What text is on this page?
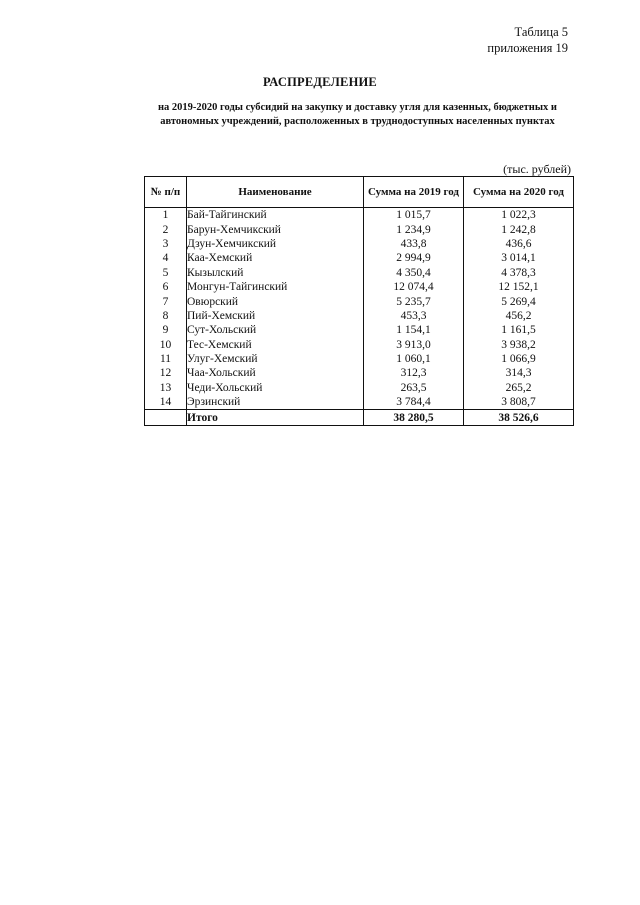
Таблица 5
приложения 19
РАСПРЕДЕЛЕНИЕ
на 2019-2020 годы субсидий на закупку и доставку угля для казенных, бюджетных и автономных учреждений, расположенных в труднодоступных населенных пунктах
(тыс. рублей)
№ п/п	Наименование	Сумма на 2019 год	Сумма на 2020 год
1	Бай-Тайгинский	1 015,7	1 022,3
2	Барун-Хемчикский	1 234,9	1 242,8
3	Дзун-Хемчикский	433,8	436,6
4	Каа-Хемский	2 994,9	3 014,1
5	Кызылский	4 350,4	4 378,3
6	Монгун-Тайгинский	12 074,4	12 152,1
7	Овюрский	5 235,7	5 269,4
8	Пий-Хемский	453,3	456,2
9	Сут-Хольский	1 154,1	1 161,5
10	Тес-Хемский	3 913,0	3 938,2
11	Улуг-Хемский	1 060,1	1 066,9
12	Чаа-Хольский	312,3	314,3
13	Чеди-Хольский	263,5	265,2
14	Эрзинский	3 784,4	3 808,7
	Итого	38 280,5	38 526,6
